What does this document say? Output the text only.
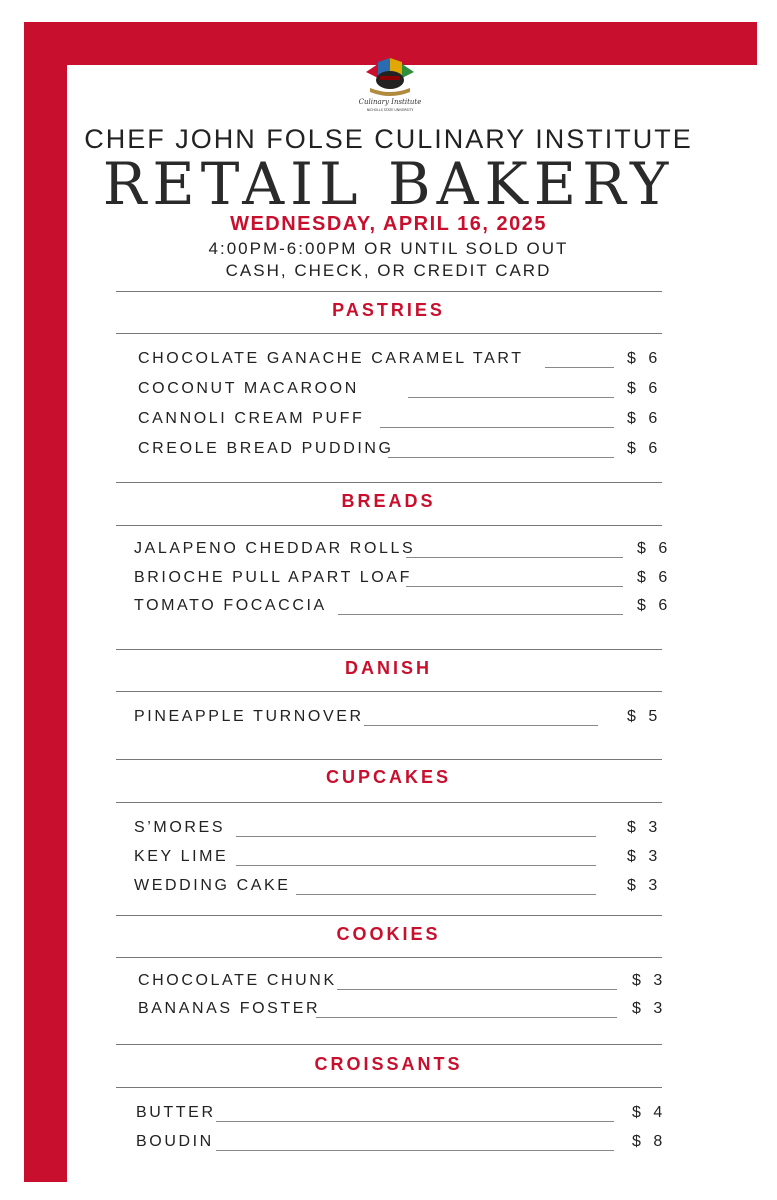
Culinary Institute
NICHOLLS STATE UNIVERSITY
CHEF JOHN FOLSE CULINARY INSTITUTE
RETAIL BAKERY
WEDNESDAY, APRIL 16, 2025
4:00PM-6:00PM OR UNTIL SOLD OUT
CASH, CHECK, OR CREDIT CARD
PASTRIES
CHOCOLATE GANACHE CARAMEL TART	$ 6
COCONUT MACAROON	$ 6
CANNOLI CREAM PUFF	$ 6
CREOLE BREAD PUDDING	$ 6
BREADS
JALAPENO CHEDDAR ROLLS	$ 6
BRIOCHE PULL APART LOAF	$ 6
TOMATO FOCACCIA	$ 6
DANISH
PINEAPPLE TURNOVER	$ 5
CUPCAKES
S’MORES	$ 3
KEY LIME	$ 3
WEDDING CAKE	$ 3
COOKIES
CHOCOLATE CHUNK	$ 3
BANANAS FOSTER	$ 3
CROISSANTS
BUTTER	$ 4
BOUDIN	$ 8
